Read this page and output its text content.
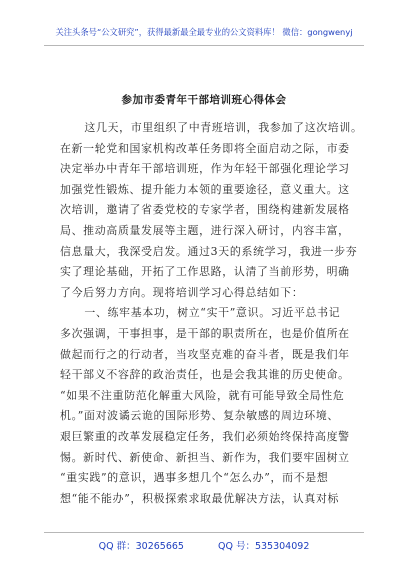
关注头条号“公文研究”，获得最新最全最专业的公文资料库！ 微信：gongwenyj
参加市委青年干部培训班心得体会
这几天，市里组织了中青班培训，我参加了这次培训。
在新一轮党和国家机构改革任务即将全面启动之际，市委
决定举办中青年干部培训班，作为年轻干部强化理论学习
加强党性锻炼、提升能力本领的重要途径，意义重大。这
次培训，邀请了省委党校的专家学者，围绕构建新发展格
局、推动高质量发展等主题，进行深入研讨，内容丰富，
信息量大，我深受启发。通过3天的系统学习，我进一步夯
实了理论基础，开拓了工作思路，认清了当前形势，明确
了今后努力方向。现将培训学习心得总结如下：
一、练牢基本功，树立“实干”意识。习近平总书记
多次强调，干事担事，是干部的职责所在，也是价值所在
做起而行之的行动者，当攻坚克难的奋斗者，既是我们年
轻干部义不容辞的政治责任，也是会我其谁的历史使命。
“如果不注重防范化解重大风险，就有可能导致全局性危
机。”面对波谲云诡的国际形势、复杂敏感的周边环境、
艰巨繁重的改革发展稳定任务，我们必须始终保持高度警
惕。新时代、新使命、新担当、新作为，我们要牢固树立
“重实践”的意识，遇事多想几个“怎么办”，而不是想
想“能不能办”，积极探索求取最优解决方法，认真对标
QQ 群：30265665	QQ 号：535304092
